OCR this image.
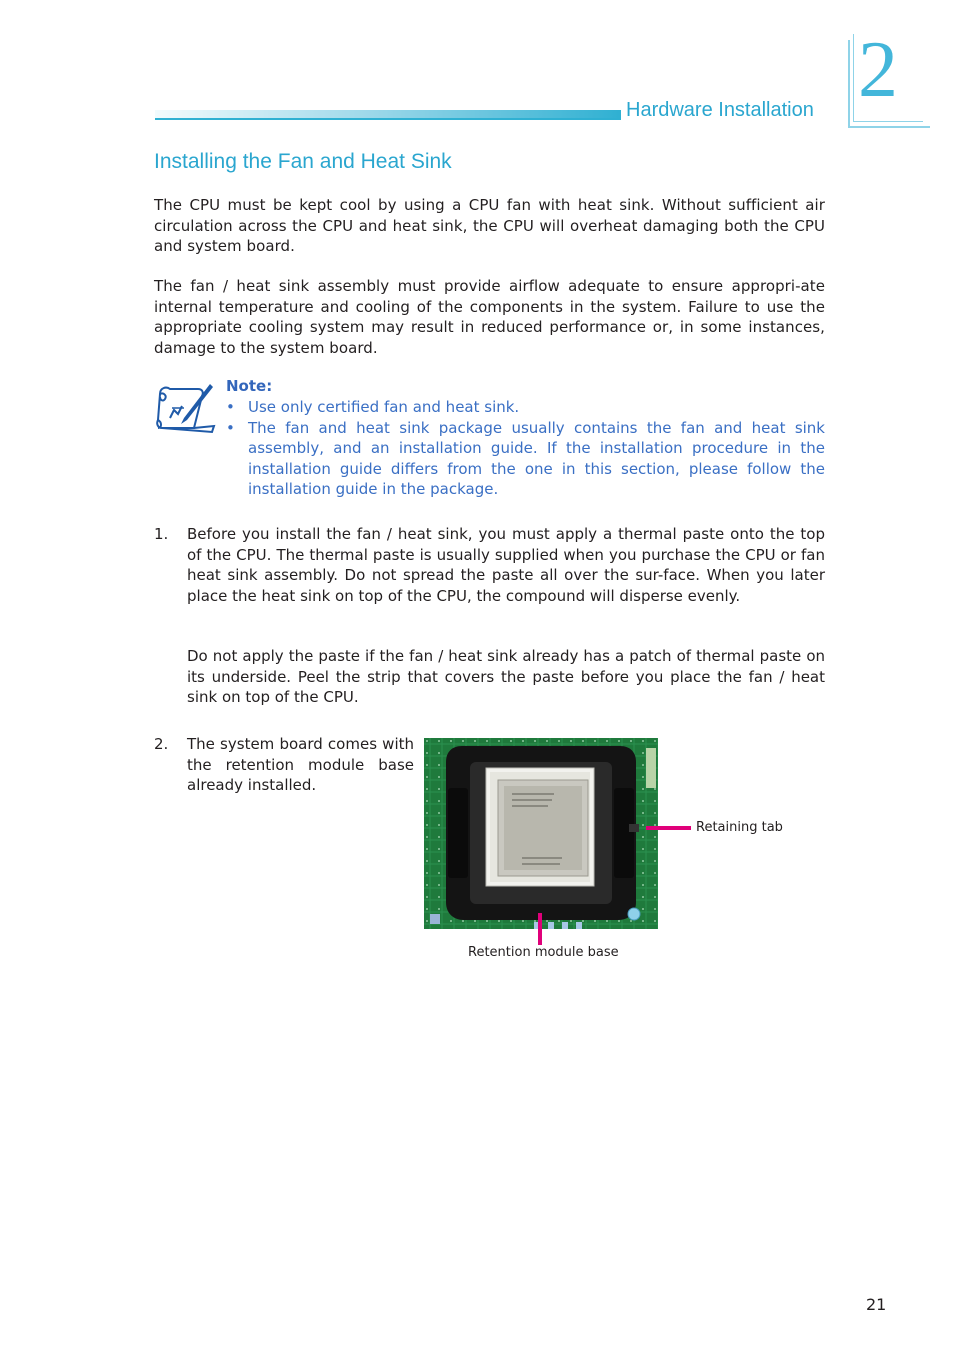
Hardware Installation 2
Installing the Fan and Heat Sink
The CPU must be kept cool by using a CPU fan with heat sink. Without sufficient air circulation across the CPU and heat sink, the CPU will overheat damaging both the CPU and system board.
The fan / heat sink assembly must provide airflow adequate to ensure appropri-ate internal temperature and cooling of the components in the system. Failure to use the appropriate cooling system may result in reduced performance or, in some instances, damage to the system board.
Note:
• Use only certified fan and heat sink.
• The fan and heat sink package usually contains the fan and heat sink assembly, and an installation guide. If the installation procedure in the installation guide differs from the one in this section, please follow the installation guide in the package.
1. Before you install the fan / heat sink, you must apply a thermal paste onto the top of the CPU. The thermal paste is usually supplied when you purchase the CPU or fan heat sink assembly. Do not spread the paste all over the sur-face. When you later place the heat sink on top of the CPU, the compound will disperse evenly.
Do not apply the paste if the fan / heat sink already has a patch of thermal paste on its underside. Peel the strip that covers the paste before you place the fan / heat sink on top of the CPU.
2. The system board comes with the retention module base already installed.
Retaining tab
Retention module base
21
